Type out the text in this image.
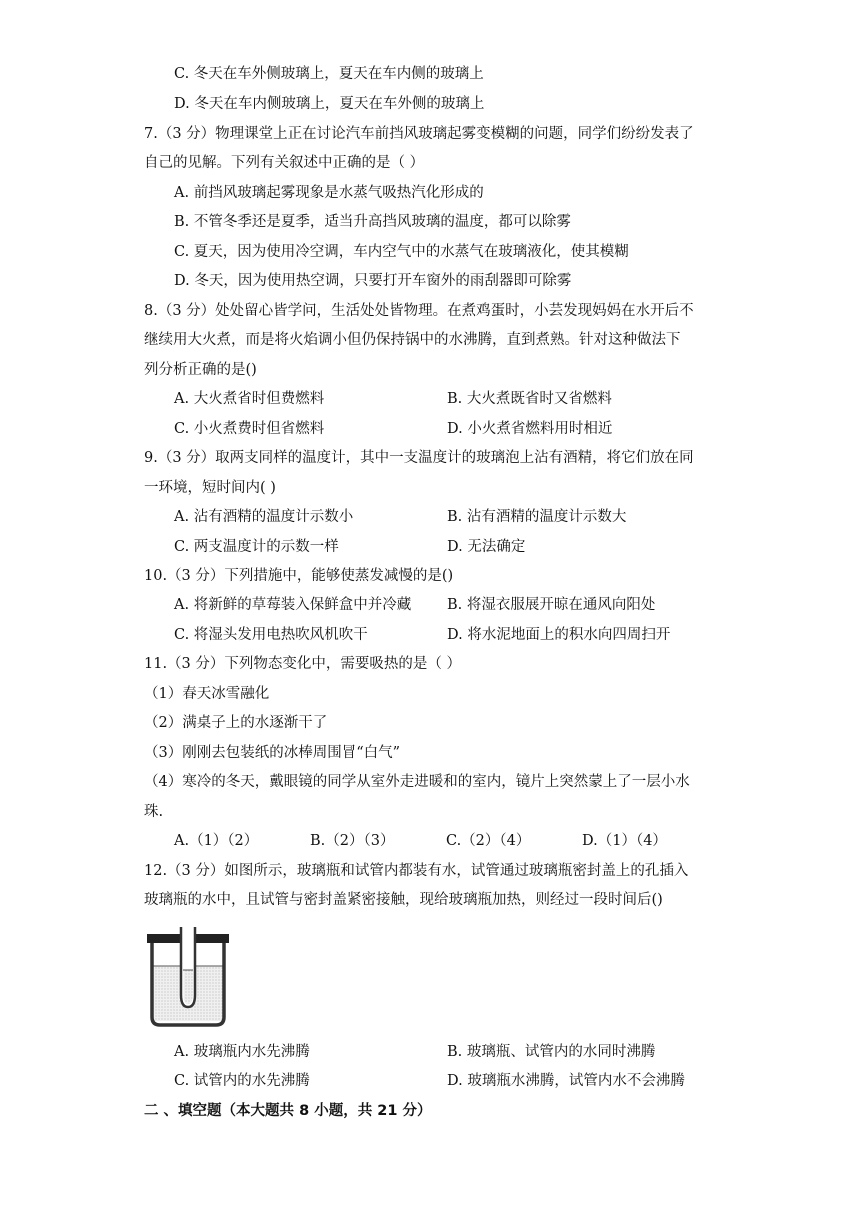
C. 冬天在车外侧玻璃上，夏天在车内侧的玻璃上
D. 冬天在车内侧玻璃上，夏天在车外侧的玻璃上
7.（3 分）物理课堂上正在讨论汽车前挡风玻璃起雾变模糊的问题，同学们纷纷发表了
自己的见解。下列有关叙述中正确的是（ ）
A. 前挡风玻璃起雾现象是水蒸气吸热汽化形成的
B. 不管冬季还是夏季，适当升高挡风玻璃的温度，都可以除雾
C. 夏天，因为使用冷空调，车内空气中的水蒸气在玻璃液化，使其模糊
D. 冬天，因为使用热空调，只要打开车窗外的雨刮器即可除雾
8.（3 分）处处留心皆学问，生活处处皆物理。在煮鸡蛋时，小芸发现妈妈在水开后不
继续用大火煮，而是将火焰调小但仍保持锅中的水沸腾，直到煮熟。针对这种做法下
列分析正确的是()
A. 大火煮省时但费燃料	B. 大火煮既省时又省燃料
C. 小火煮费时但省燃料	D. 小火煮省燃料用时相近
9.（3 分）取两支同样的温度计，其中一支温度计的玻璃泡上沾有酒精，将它们放在同
一环境，短时间内( )
A. 沾有酒精的温度计示数小	B. 沾有酒精的温度计示数大
C. 两支温度计的示数一样	D. 无法确定
10.（3 分）下列措施中，能够使蒸发减慢的是()
A. 将新鲜的草莓装入保鲜盒中并冷藏 B. 将湿衣服展开晾在通风向阳处
C. 将湿头发用电热吹风机吹干	D. 将水泥地面上的积水向四周扫开
11.（3 分）下列物态变化中，需要吸热的是（ ）
（1）春天冰雪融化
（2）满桌子上的水逐渐干了
（3）刚刚去包装纸的冰棒周围冒“白气”
（4）寒冷的冬天，戴眼镜的同学从室外走进暖和的室内，镜片上突然蒙上了一层小水
珠.
A.（1）（2）	B.（2）（3）	C.（2）（4）	D.（1）（4）
12.（3 分）如图所示，玻璃瓶和试管内都装有水，试管通过玻璃瓶密封盖上的孔插入
玻璃瓶的水中，且试管与密封盖紧密接触，现给玻璃瓶加热，则经过一段时间后()
A. 玻璃瓶内水先沸腾	B. 玻璃瓶、试管内的水同时沸腾
C. 试管内的水先沸腾	D. 玻璃瓶水沸腾，试管内水不会沸腾
二 、填空题（本大题共 8 小题，共 21 分）
